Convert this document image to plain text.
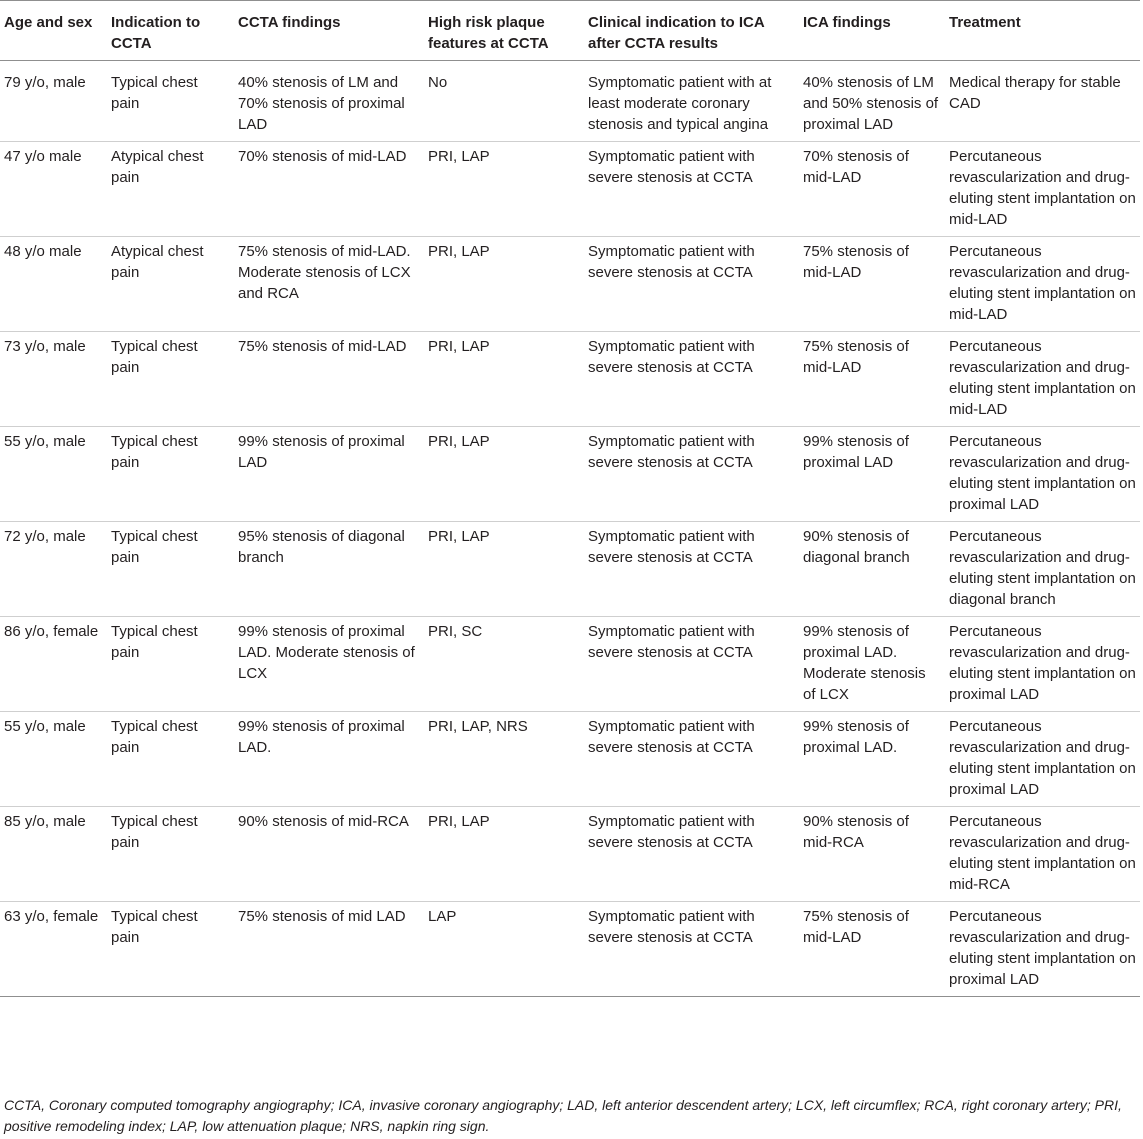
Age and sex	Indication to CCTA	CCTA findings	High risk plaque features at CCTA	Clinical indication to ICA after CCTA results	ICA findings	Treatment
79 y/o, male	Typical chest pain	40% stenosis of LM and 70% stenosis of proximal LAD	No	Symptomatic patient with at least moderate coronary stenosis and typical angina	40% stenosis of LM and 50% stenosis of proximal LAD	Medical therapy for stable CAD
47 y/o male	Atypical chest pain	70% stenosis of mid-LAD	PRI, LAP	Symptomatic patient with severe stenosis at CCTA	70% stenosis of mid-LAD	Percutaneous revascularization and drug-eluting stent implantation on mid-LAD
48 y/o male	Atypical chest pain	75% stenosis of mid-LAD. Moderate stenosis of LCX and RCA	PRI, LAP	Symptomatic patient with severe stenosis at CCTA	75% stenosis of mid-LAD	Percutaneous revascularization and drug-eluting stent implantation on mid-LAD
73 y/o, male	Typical chest pain	75% stenosis of mid-LAD	PRI, LAP	Symptomatic patient with severe stenosis at CCTA	75% stenosis of mid-LAD	Percutaneous revascularization and drug-eluting stent implantation on mid-LAD
55 y/o, male	Typical chest pain	99% stenosis of proximal LAD	PRI, LAP	Symptomatic patient with severe stenosis at CCTA	99% stenosis of proximal LAD	Percutaneous revascularization and drug-eluting stent implantation on proximal LAD
72 y/o, male	Typical chest pain	95% stenosis of diagonal branch	PRI, LAP	Symptomatic patient with severe stenosis at CCTA	90% stenosis of diagonal branch	Percutaneous revascularization and drug-eluting stent implantation on diagonal branch
86 y/o, female	Typical chest pain	99% stenosis of proximal LAD. Moderate stenosis of LCX	PRI, SC	Symptomatic patient with severe stenosis at CCTA	99% stenosis of proximal LAD. Moderate stenosis of LCX	Percutaneous revascularization and drug-eluting stent implantation on proximal LAD
55 y/o, male	Typical chest pain	99% stenosis of proximal LAD.	PRI, LAP, NRS	Symptomatic patient with severe stenosis at CCTA	99% stenosis of proximal LAD.	Percutaneous revascularization and drug-eluting stent implantation on proximal LAD
85 y/o, male	Typical chest pain	90% stenosis of mid-RCA	PRI, LAP	Symptomatic patient with severe stenosis at CCTA	90% stenosis of mid-RCA	Percutaneous revascularization and drug-eluting stent implantation on mid-RCA
63 y/o, female	Typical chest pain	75% stenosis of mid LAD	LAP	Symptomatic patient with severe stenosis at CCTA	75% stenosis of mid-LAD	Percutaneous revascularization and drug-eluting stent implantation on proximal LAD
CCTA, Coronary computed tomography angiography; ICA, invasive coronary angiography; LAD, left anterior descendent artery; LCX, left circumflex; RCA, right coronary artery; PRI, positive remodeling index; LAP, low attenuation plaque; NRS, napkin ring sign.
